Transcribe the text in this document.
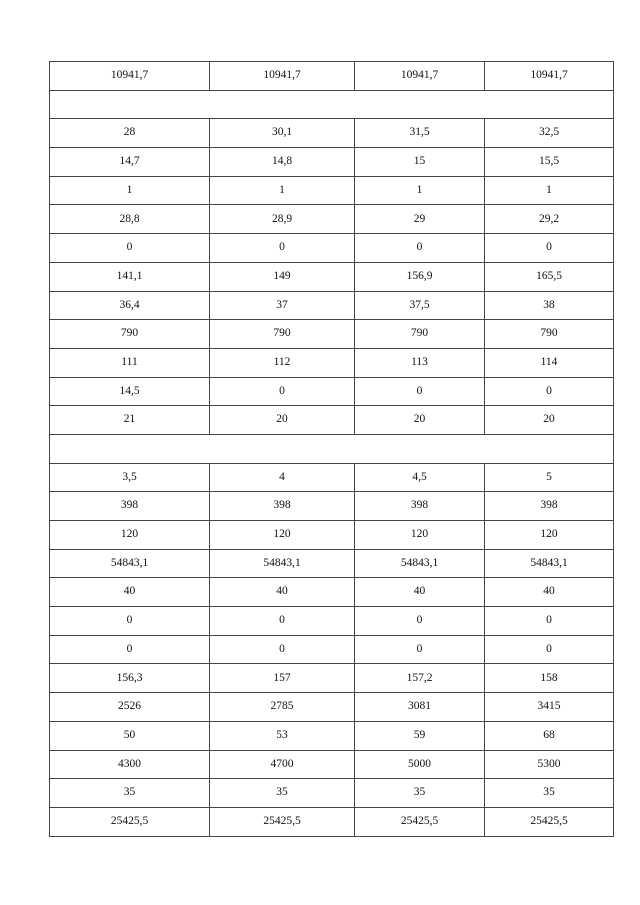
10941,7	10941,7	10941,7	10941,7

28	30,1	31,5	32,5
14,7	14,8	15	15,5
1	1	1	1
28,8	28,9	29	29,2
0	0	0	0
141,1	149	156,9	165,5
36,4	37	37,5	38
790	790	790	790
111	112	113	114
14,5	0	0	0
21	20	20	20

3,5	4	4,5	5
398	398	398	398
120	120	120	120
54843,1	54843,1	54843,1	54843,1
40	40	40	40
0	0	0	0
0	0	0	0
156,3	157	157,2	158
2526	2785	3081	3415
50	53	59	68
4300	4700	5000	5300
35	35	35	35
25425,5	25425,5	25425,5	25425,5
